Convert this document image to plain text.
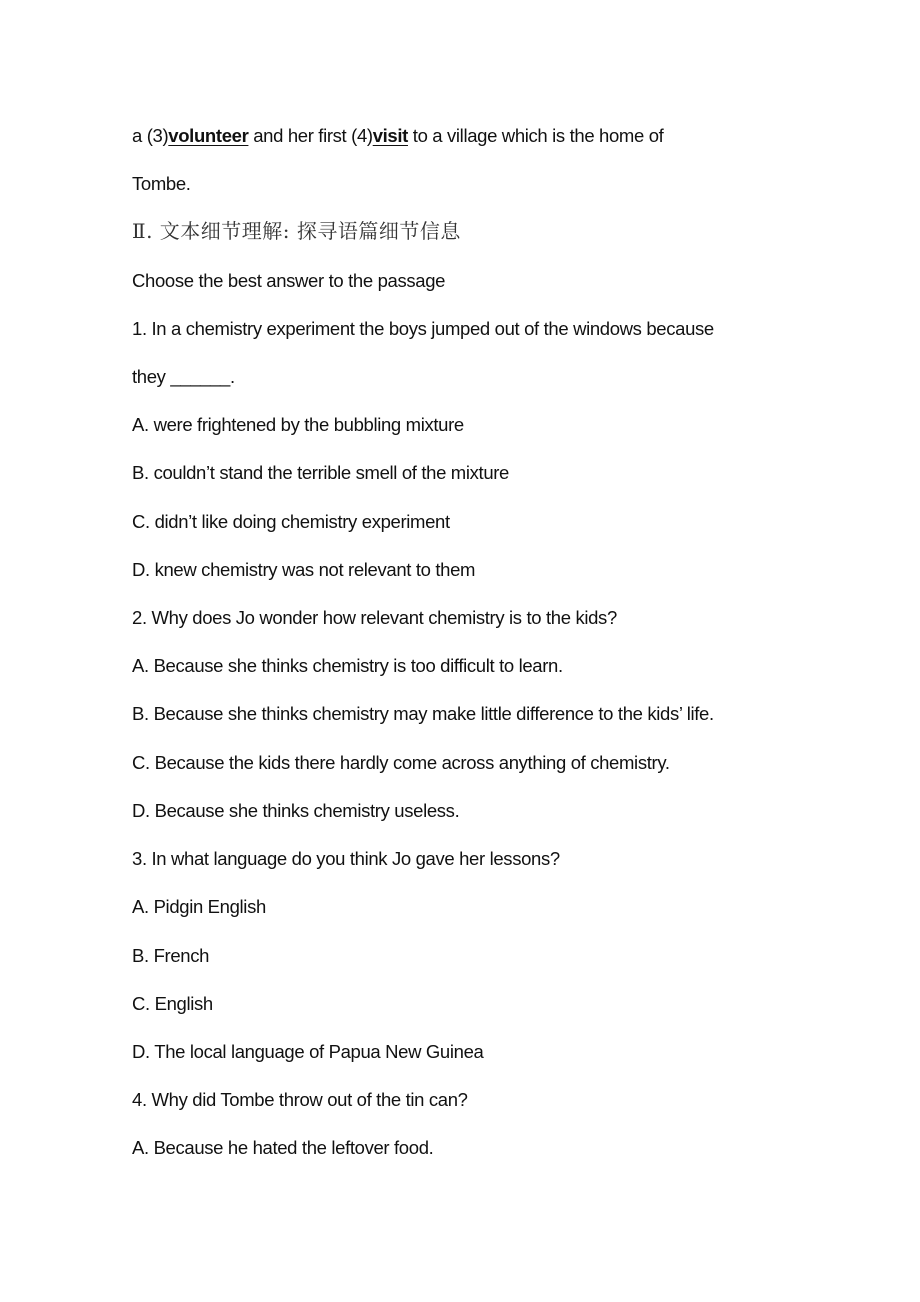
a (3)volunteer and her first (4)visit to a village which is the home of
Tombe.
Ⅱ. 文本细节理解: 探寻语篇细节信息
Choose the best answer to the passage
1. In a chemistry experiment the boys jumped out of the windows because
they ______.
A. were frightened by the bubbling mixture
B. couldn’t stand the terrible smell of the mixture
C. didn’t like doing chemistry experiment
D. knew chemistry was not relevant to them
2. Why does Jo wonder how relevant chemistry is to the kids?
A. Because she thinks chemistry is too difficult to learn.
B. Because she thinks chemistry may make little difference to the kids’ life.
C. Because the kids there hardly come across anything of chemistry.
D. Because she thinks chemistry useless.
3. In what language do you think Jo gave her lessons?
A. Pidgin English
B. French
C. English
D. The local language of Papua New Guinea
4. Why did Tombe throw out of the tin can?
A. Because he hated the leftover food.
